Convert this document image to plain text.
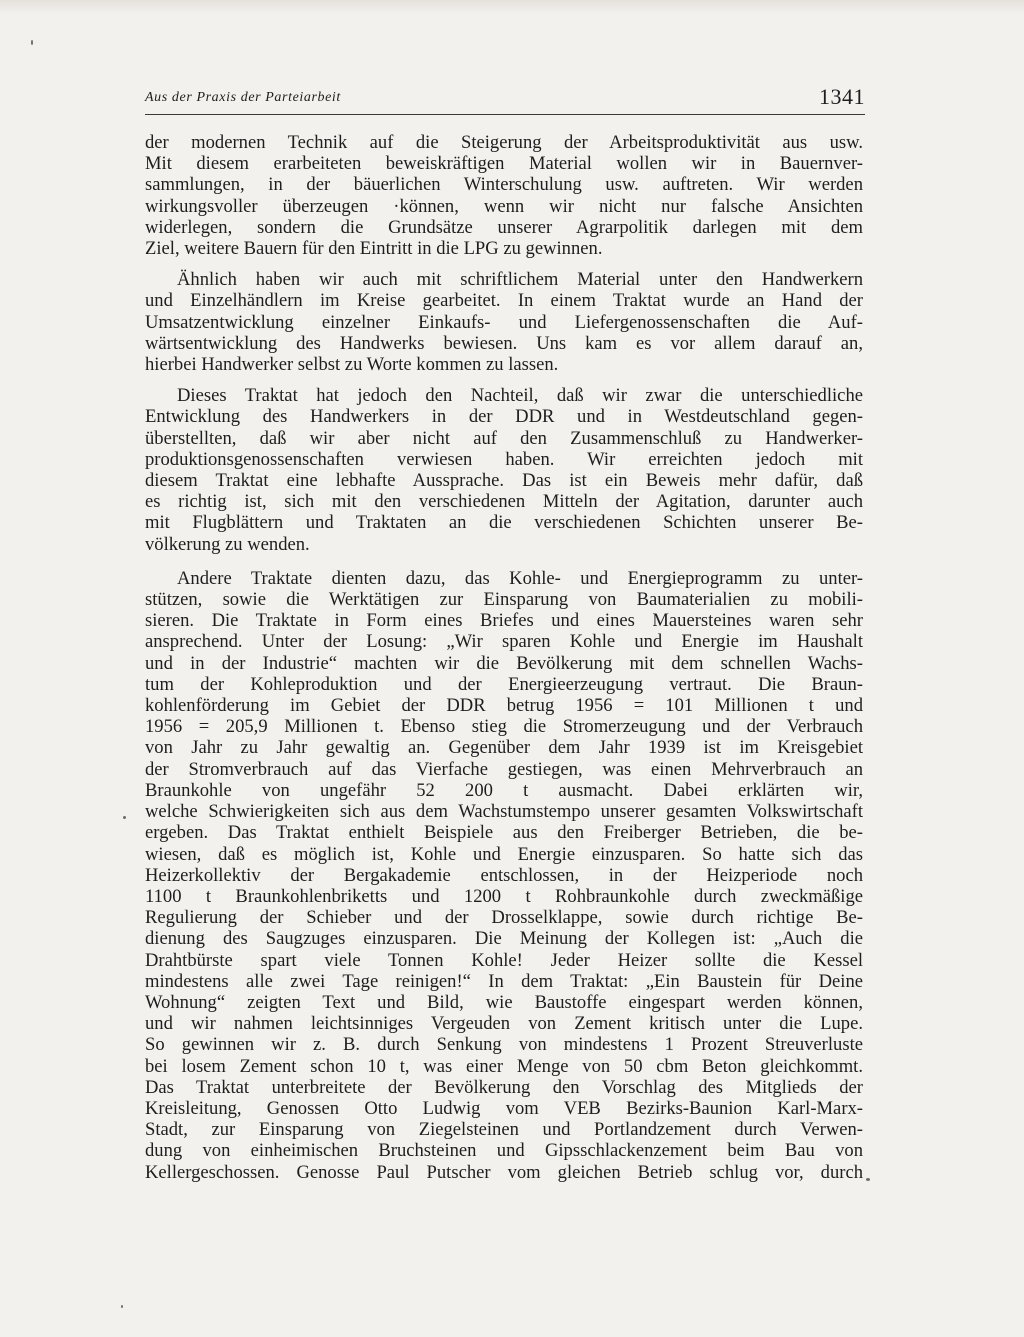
Aus der Praxis der Parteiarbeit	1341
der modernen Technik auf die Steigerung der Arbeitsproduktivität aus usw.
Mit diesem erarbeiteten beweiskräftigen Material wollen wir in Bauernver-
sammlungen, in der bäuerlichen Winterschulung usw. auftreten. Wir werden
wirkungsvoller überzeugen ·können, wenn wir nicht nur falsche Ansichten
widerlegen, sondern die Grundsätze unserer Agrarpolitik darlegen mit dem
Ziel, weitere Bauern für den Eintritt in die LPG zu gewinnen.
Ähnlich haben wir auch mit schriftlichem Material unter den Handwerkern
und Einzelhändlern im Kreise gearbeitet. In einem Traktat wurde an Hand der
Umsatzentwicklung einzelner Einkaufs- und Liefergenossenschaften die Auf-
wärtsentwicklung des Handwerks bewiesen. Uns kam es vor allem darauf an,
hierbei Handwerker selbst zu Worte kommen zu lassen.
Dieses Traktat hat jedoch den Nachteil, daß wir zwar die unterschiedliche
Entwicklung des Handwerkers in der DDR und in Westdeutschland gegen-
überstellten, daß wir aber nicht auf den Zusammenschluß zu Handwerker-
produktionsgenossenschaften verwiesen haben. Wir erreichten jedoch mit
diesem Traktat eine lebhafte Aussprache. Das ist ein Beweis mehr dafür, daß
es richtig ist, sich mit den verschiedenen Mitteln der Agitation, darunter auch
mit Flugblättern und Traktaten an die verschiedenen Schichten unserer Be-
völkerung zu wenden.
Andere Traktate dienten dazu, das Kohle- und Energieprogramm zu unter-
stützen, sowie die Werktätigen zur Einsparung von Baumaterialien zu mobili-
sieren. Die Traktate in Form eines Briefes und eines Mauersteines waren sehr
ansprechend. Unter der Losung: „Wir sparen Kohle und Energie im Haushalt
und in der Industrie“ machten wir die Bevölkerung mit dem schnellen Wachs-
tum der Kohleproduktion und der Energieerzeugung vertraut. Die Braun-
kohlenförderung im Gebiet der DDR betrug 1956 = 101 Millionen t und
1956 = 205,9 Millionen t. Ebenso stieg die Stromerzeugung und der Verbrauch
von Jahr zu Jahr gewaltig an. Gegenüber dem Jahr 1939 ist im Kreisgebiet
der Stromverbrauch auf das Vierfache gestiegen, was einen Mehrverbrauch an
Braunkohle von ungefähr 52 200 t ausmacht. Dabei erklärten wir,
welche Schwierigkeiten sich aus dem Wachstumstempo unserer gesamten Volkswirtschaft
ergeben. Das Traktat enthielt Beispiele aus den Freiberger Betrieben, die be-
wiesen, daß es möglich ist, Kohle und Energie einzusparen. So hatte sich das
Heizerkollektiv der Bergakademie entschlossen, in der Heizperiode noch
1100 t Braunkohlenbriketts und 1200 t Rohbraunkohle durch zweckmäßige
Regulierung der Schieber und der Drosselklappe, sowie durch richtige Be-
dienung des Saugzuges einzusparen. Die Meinung der Kollegen ist: „Auch die
Drahtbürste spart viele Tonnen Kohle! Jeder Heizer sollte die Kessel
mindestens alle zwei Tage reinigen!“ In dem Traktat: „Ein Baustein für Deine
Wohnung“ zeigten Text und Bild, wie Baustoffe eingespart werden können,
und wir nahmen leichtsinniges Vergeuden von Zement kritisch unter die Lupe.
So gewinnen wir z. B. durch Senkung von mindestens 1 Prozent Streuverluste
bei losem Zement schon 10 t, was einer Menge von 50 cbm Beton gleichkommt.
Das Traktat unterbreitete der Bevölkerung den Vorschlag des Mitglieds der
Kreisleitung, Genossen Otto Ludwig vom VEB Bezirks-Baunion Karl-Marx-
Stadt, zur Einsparung von Ziegelsteinen und Portlandzement durch Verwen-
dung von einheimischen Bruchsteinen und Gipsschlackenzement beim Bau von
Kellergeschossen. Genosse Paul Putscher vom gleichen Betrieb schlug vor, durch
